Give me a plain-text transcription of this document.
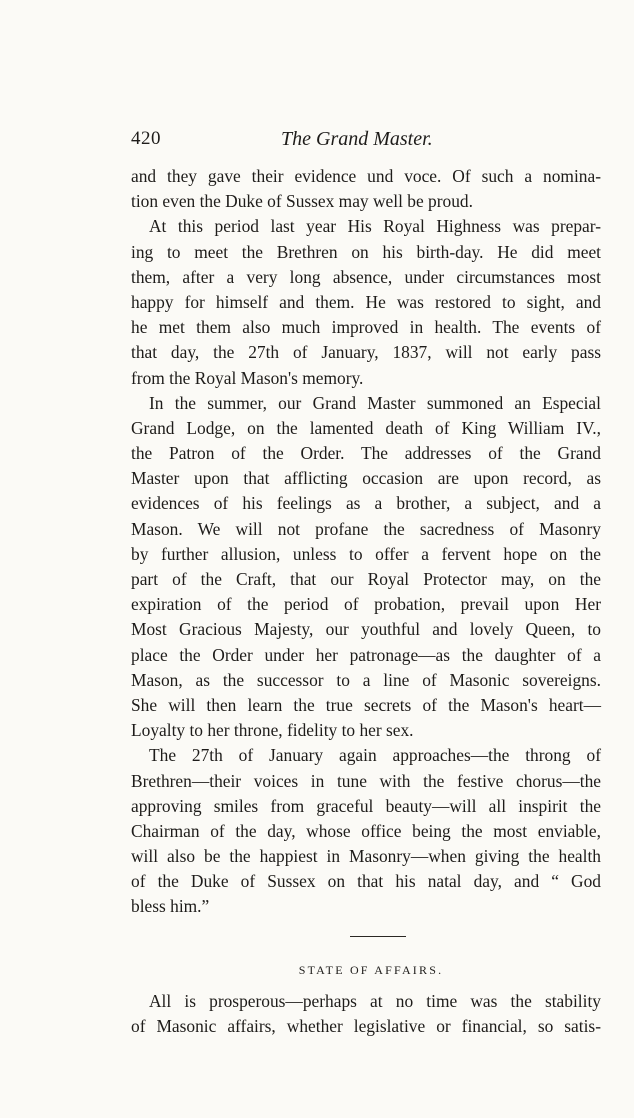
420	The Grand Master.
and they gave their evidence und voce. Of such a nomina-
tion even the Duke of Sussex may well be proud.
At this period last year His Royal Highness was prepar-
ing to meet the Brethren on his birth-day. He did meet
them, after a very long absence, under circumstances most
happy for himself and them. He was restored to sight, and
he met them also much improved in health. The events of
that day, the 27th of January, 1837, will not early pass
from the Royal Mason's memory.
In the summer, our Grand Master summoned an Especial
Grand Lodge, on the lamented death of King William IV.,
the Patron of the Order. The addresses of the Grand
Master upon that afflicting occasion are upon record, as
evidences of his feelings as a brother, a subject, and a
Mason. We will not profane the sacredness of Masonry
by further allusion, unless to offer a fervent hope on the
part of the Craft, that our Royal Protector may, on the
expiration of the period of probation, prevail upon Her
Most Gracious Majesty, our youthful and lovely Queen, to
place the Order under her patronage—as the daughter of a
Mason, as the successor to a line of Masonic sovereigns.
She will then learn the true secrets of the Mason's heart—
Loyalty to her throne, fidelity to her sex.
The 27th of January again approaches—the throng of
Brethren—their voices in tune with the festive chorus—the
approving smiles from graceful beauty—will all inspirit the
Chairman of the day, whose office being the most enviable,
will also be the happiest in Masonry—when giving the health
of the Duke of Sussex on that his natal day, and “ God
bless him.”
STATE OF AFFAIRS.
All is prosperous—perhaps at no time was the stability
of Masonic affairs, whether legislative or financial, so satis-
